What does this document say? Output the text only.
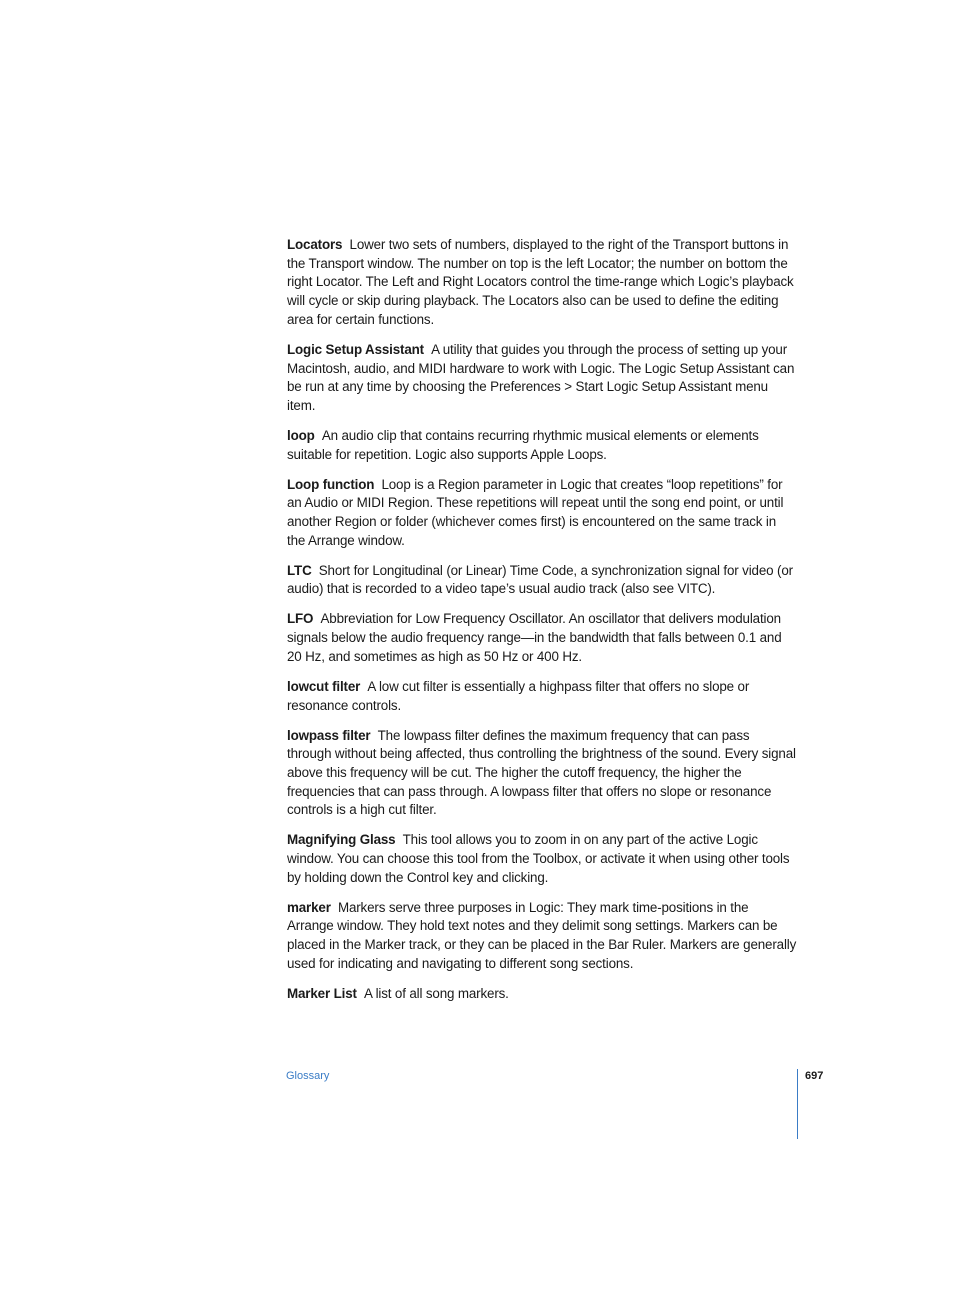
Locators Lower two sets of numbers, displayed to the right of the Transport buttons in the Transport window. The number on top is the left Locator; the number on bottom the right Locator. The Left and Right Locators control the time-range which Logic’s playback will cycle or skip during playback. The Locators also can be used to define the editing area for certain functions.

Logic Setup Assistant A utility that guides you through the process of setting up your Macintosh, audio, and MIDI hardware to work with Logic. The Logic Setup Assistant can be run at any time by choosing the Preferences > Start Logic Setup Assistant menu item.

loop An audio clip that contains recurring rhythmic musical elements or elements suitable for repetition. Logic also supports Apple Loops.

Loop function Loop is a Region parameter in Logic that creates “loop repetitions” for an Audio or MIDI Region. These repetitions will repeat until the song end point, or until another Region or folder (whichever comes first) is encountered on the same track in the Arrange window.

LTC Short for Longitudinal (or Linear) Time Code, a synchronization signal for video (or audio) that is recorded to a video tape’s usual audio track (also see VITC).

LFO Abbreviation for Low Frequency Oscillator. An oscillator that delivers modulation signals below the audio frequency range—in the bandwidth that falls between 0.1 and 20 Hz, and sometimes as high as 50 Hz or 400 Hz.

lowcut filter A low cut filter is essentially a highpass filter that offers no slope or resonance controls.

lowpass filter The lowpass filter defines the maximum frequency that can pass through without being affected, thus controlling the brightness of the sound. Every signal above this frequency will be cut. The higher the cutoff frequency, the higher the frequencies that can pass through. A lowpass filter that offers no slope or resonance controls is a high cut filter.

Magnifying Glass This tool allows you to zoom in on any part of the active Logic window. You can choose this tool from the Toolbox, or activate it when using other tools by holding down the Control key and clicking.

marker Markers serve three purposes in Logic: They mark time-positions in the Arrange window. They hold text notes and they delimit song settings. Markers can be placed in the Marker track, or they can be placed in the Bar Ruler. Markers are generally used for indicating and navigating to different song sections.

Marker List A list of all song markers.

Glossary	697
